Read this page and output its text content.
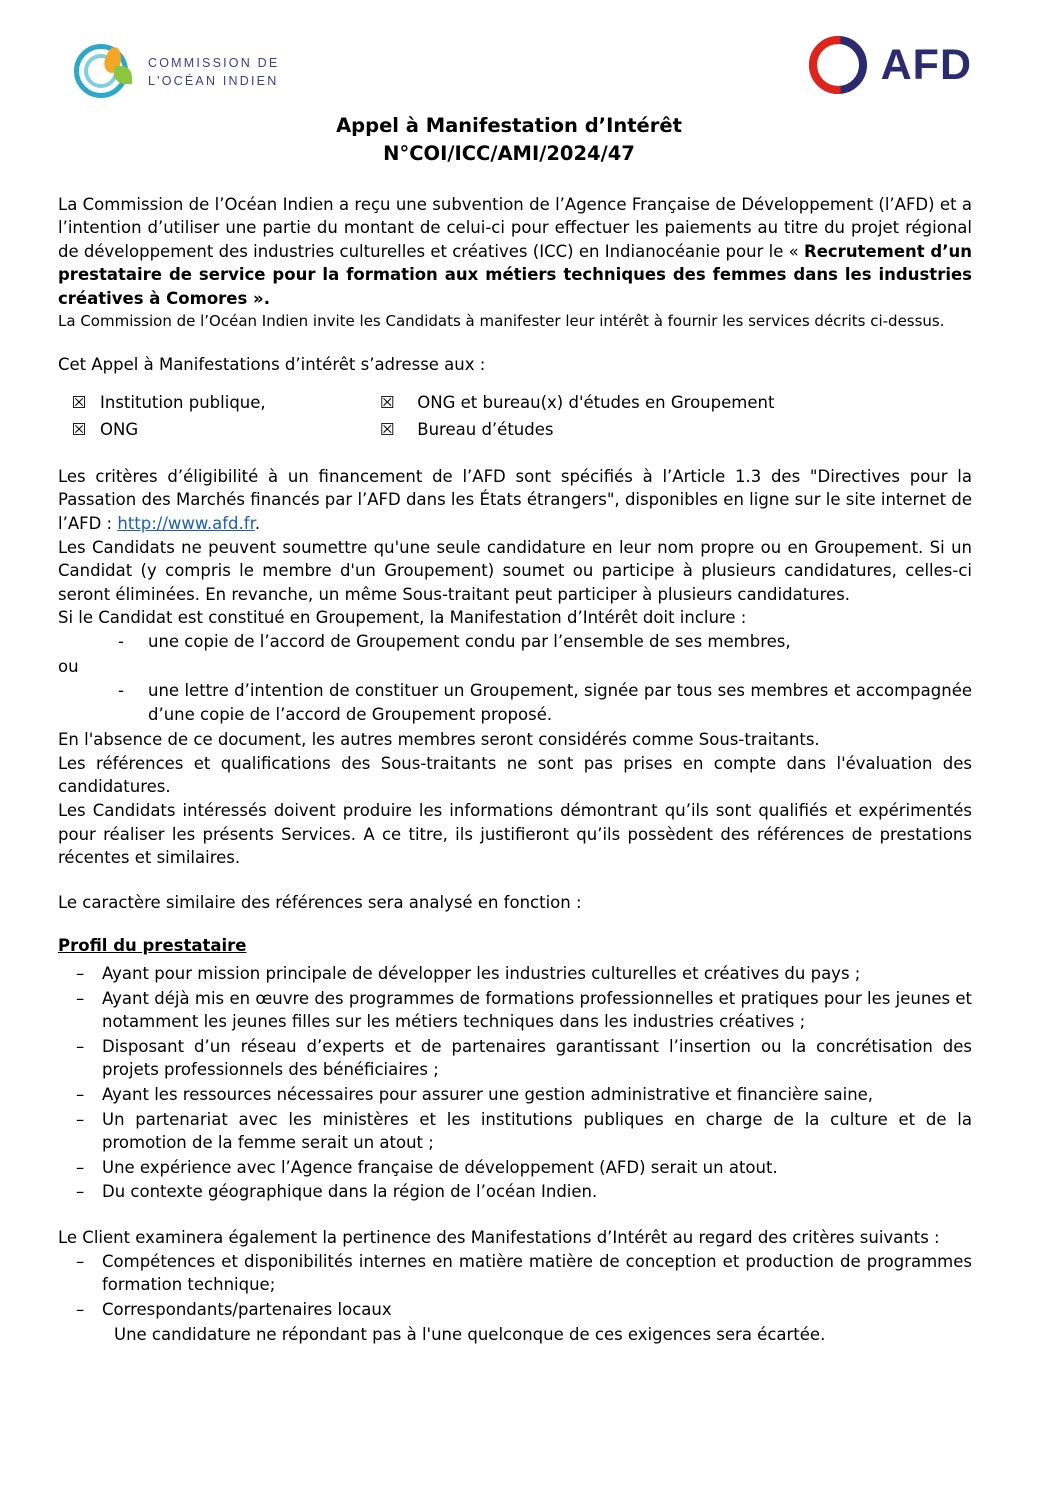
COMMISSION DE
L'OCÉAN INDIEN	AFD
Appel à Manifestation d’Intérêt
N°COI/ICC/AMI/2024/47

La Commission de l’Océan Indien a reçu une subvention de l’Agence Française de Développement (l’AFD) et a l’intention d’utiliser une partie du montant de celui-ci pour effectuer les paiements au titre du projet régional de développement des industries culturelles et créatives (ICC) en Indianocéanie pour le « Recrutement d’un prestataire de service pour la formation aux métiers techniques des femmes dans les industries créatives à Comores ».

La Commission de l’Océan Indien invite les Candidats à manifester leur intérêt à fournir les services décrits ci-dessus.

Cet Appel à Manifestations d’intérêt s’adresse aux :

☒	Institution publique,	☒	ONG et bureau(x) d'études en Groupement
☒	ONG	☒	Bureau d’études

Les critères d’éligibilité à un financement de l’AFD sont spécifiés à l’Article 1.3 des "Directives pour la Passation des Marchés financés par l’AFD dans les États étrangers", disponibles en ligne sur le site internet de l’AFD : http://www.afd.fr.

Les Candidats ne peuvent soumettre qu'une seule candidature en leur nom propre ou en Groupement. Si un Candidat (y compris le membre d'un Groupement) soumet ou participe à plusieurs candidatures, celles-ci seront éliminées. En revanche, un même Sous-traitant peut participer à plusieurs candidatures.

Si le Candidat est constitué en Groupement, la Manifestation d’Intérêt doit inclure :

- une copie de l’accord de Groupement condu par l’ensemble de ses membres,

ou

- une lettre d’intention de constituer un Groupement, signée par tous ses membres et accompagnée d’une copie de l’accord de Groupement proposé.

En l'absence de ce document, les autres membres seront considérés comme Sous-traitants.

Les références et qualifications des Sous-traitants ne sont pas prises en compte dans l'évaluation des candidatures.

Les Candidats intéressés doivent produire les informations démontrant qu’ils sont qualifiés et expérimentés pour réaliser les présents Services. A ce titre, ils justifieront qu’ils possèdent des références de prestations récentes et similaires.

Le caractère similaire des références sera analysé en fonction :

Profil du prestataire

– Ayant pour mission principale de développer les industries culturelles et créatives du pays ;
– Ayant déjà mis en œuvre des programmes de formations professionnelles et pratiques pour les jeunes et notamment les jeunes filles sur les métiers techniques dans les industries créatives ;
– Disposant d’un réseau d’experts et de partenaires garantissant l’insertion ou la concrétisation des projets professionnels des bénéficiaires ;
– Ayant les ressources nécessaires pour assurer une gestion administrative et financière saine,
– Un partenariat avec les ministères et les institutions publiques en charge de la culture et de la promotion de la femme serait un atout ;
– Une expérience avec l’Agence française de développement (AFD) serait un atout.
– Du contexte géographique dans la région de l’océan Indien.

Le Client examinera également la pertinence des Manifestations d’Intérêt au regard des critères suivants :

– Compétences et disponibilités internes en matière matière de conception et production de programmes formation technique;
– Correspondants/partenaires locaux

Une candidature ne répondant pas à l'une quelconque de ces exigences sera écartée.
